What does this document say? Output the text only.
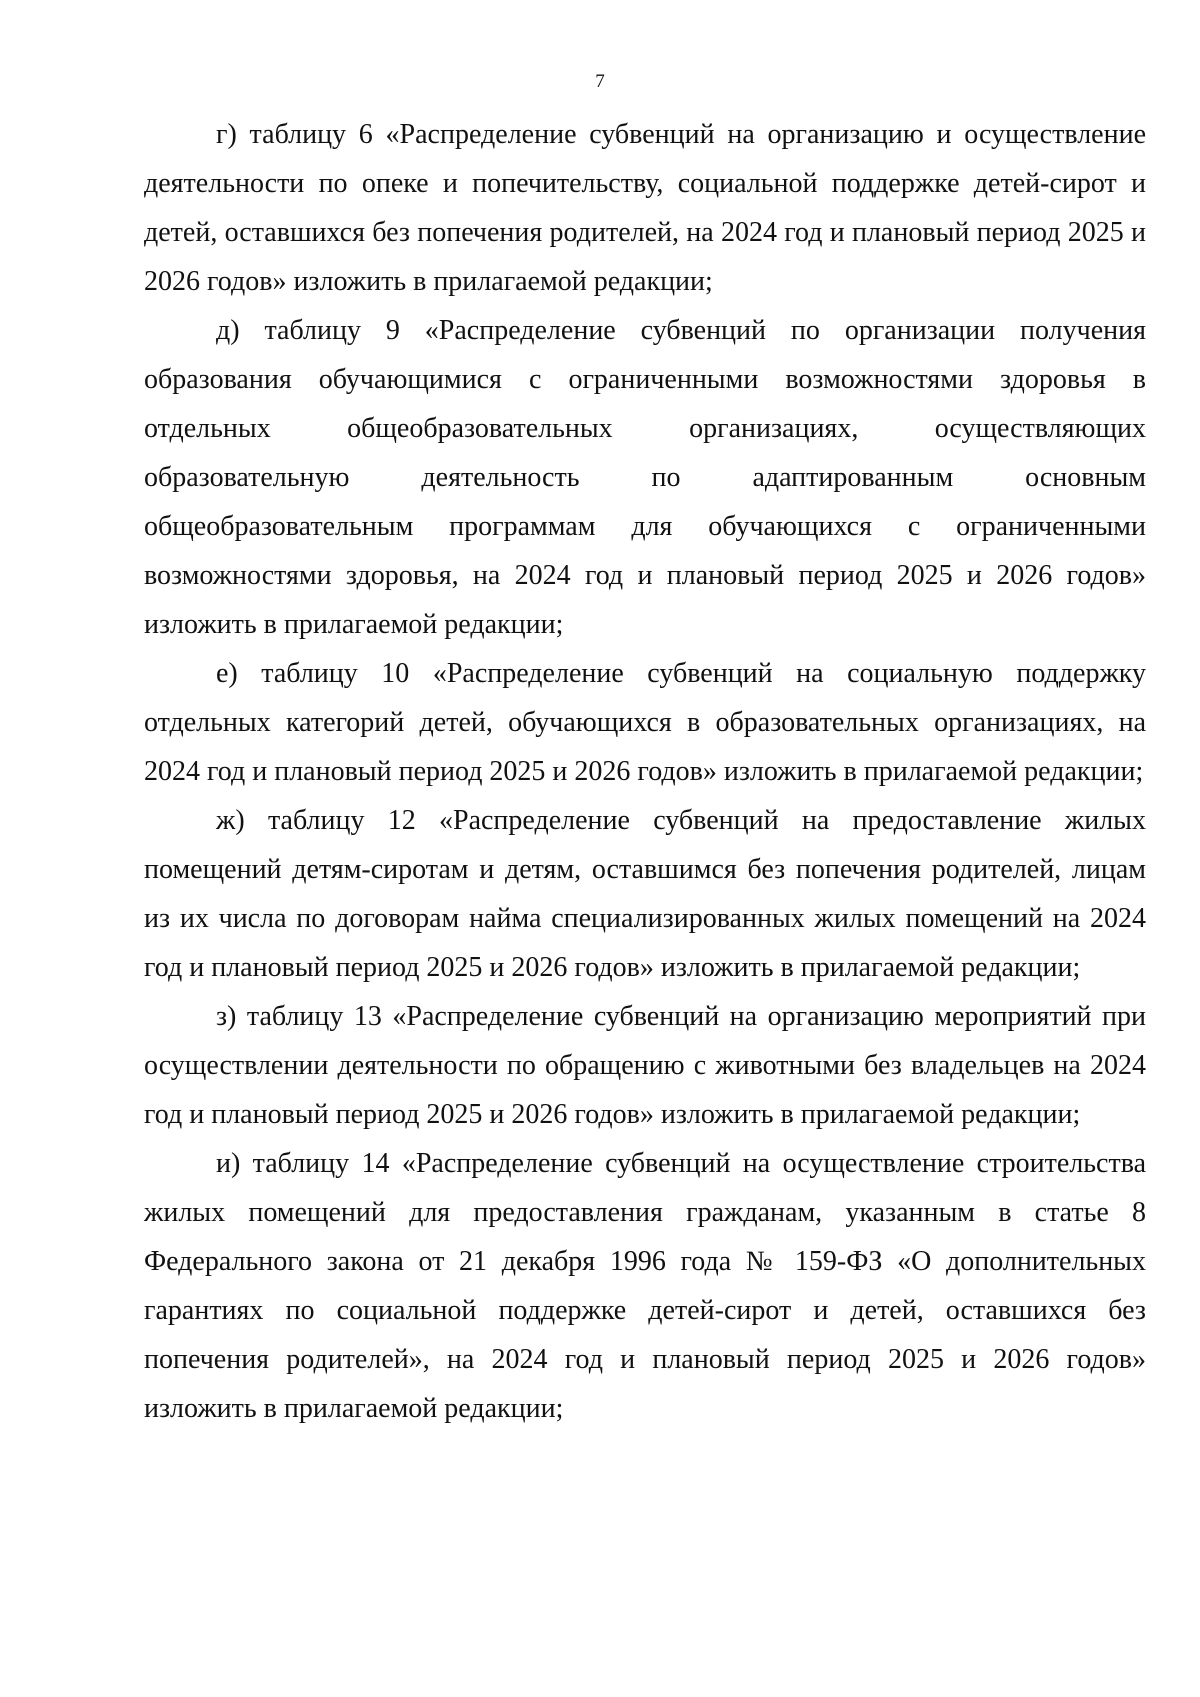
7

г) таблицу 6 «Распределение субвенций на организацию и осуществление деятельности по опеке и попечительству, социальной поддержке детей-сирот и детей, оставшихся без попечения родителей, на 2024 год и плановый период 2025 и 2026 годов» изложить в прилагаемой редакции;

д) таблицу 9 «Распределение субвенций по организации получения образования обучающимися с ограниченными возможностями здоровья в отдельных общеобразовательных организациях, осуществляющих образовательную деятельность по адаптированным основным общеобразовательным программам для обучающихся с ограниченными возможностями здоровья, на 2024 год и плановый период 2025 и 2026 годов» изложить в прилагаемой редакции;

е) таблицу 10 «Распределение субвенций на социальную поддержку отдельных категорий детей, обучающихся в образовательных организациях, на 2024 год и плановый период 2025 и 2026 годов» изложить в прилагаемой редакции;

ж) таблицу 12 «Распределение субвенций на предоставление жилых помещений детям-сиротам и детям, оставшимся без попечения родителей, лицам из их числа по договорам найма специализированных жилых помещений на 2024 год и плановый период 2025 и 2026 годов» изложить в прилагаемой редакции;

з) таблицу 13 «Распределение субвенций на организацию мероприятий при осуществлении деятельности по обращению с животными без владельцев на 2024 год и плановый период 2025 и 2026 годов» изложить в прилагаемой редакции;

и) таблицу 14 «Распределение субвенций на осуществление строительства жилых помещений для предоставления гражданам, указанным в статье 8 Федерального закона от 21 декабря 1996 года № 159-ФЗ «О дополнительных гарантиях по социальной поддержке детей-сирот и детей, оставшихся без попечения родителей», на 2024 год и плановый период 2025 и 2026 годов» изложить в прилагаемой редакции;
